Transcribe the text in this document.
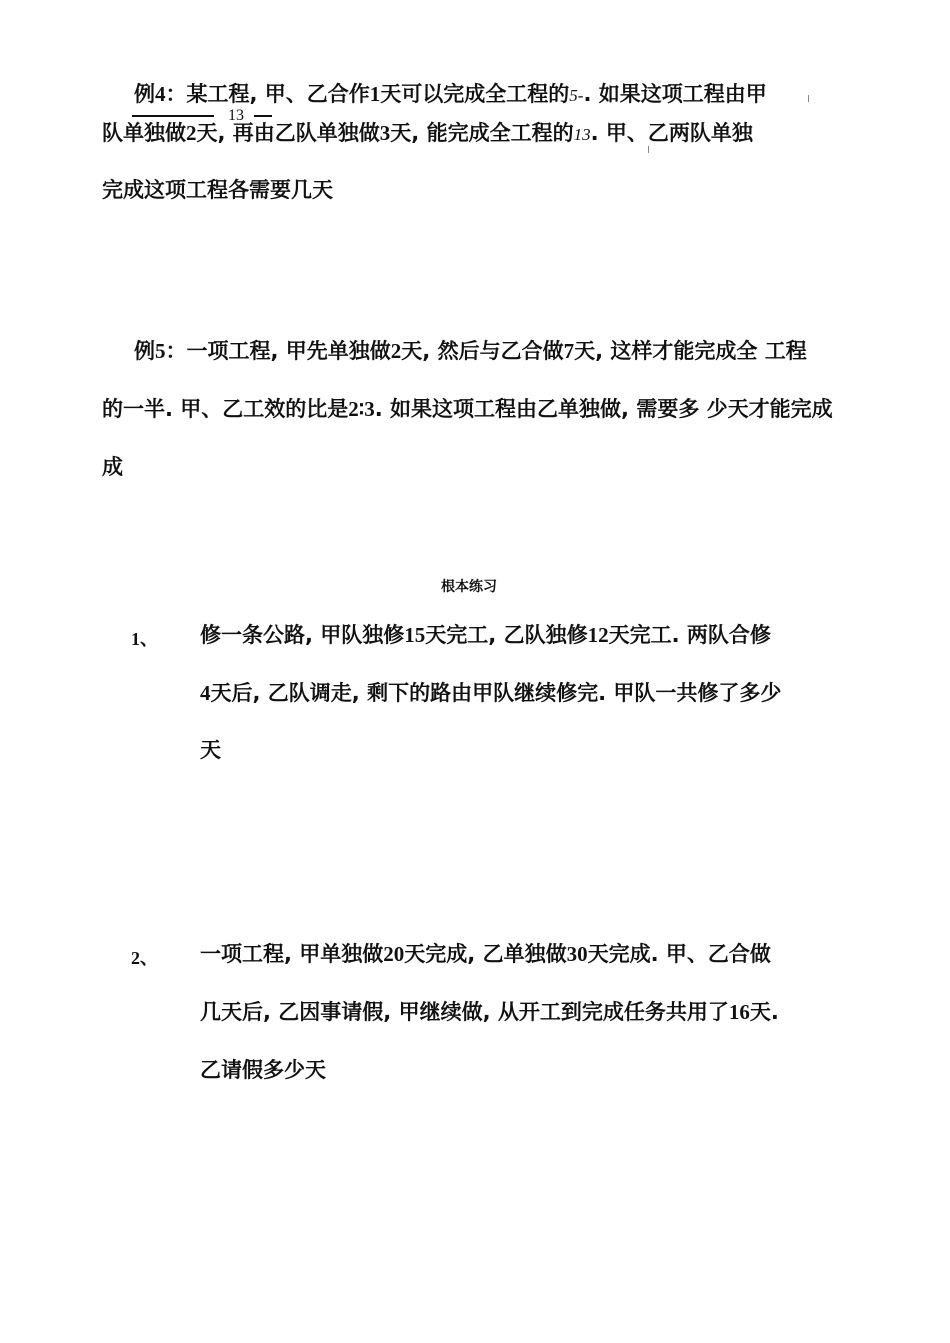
例4：某工程, 甲、乙合作1天可以完成全工程的5-. 如果这项工程由甲
13
队单独做2天, 再由乙队单独做3天, 能完成全工程的13. 甲、乙两队单独
完成这项工程各需要几天
例5：一项工程, 甲先单独做2天, 然后与乙合做7天, 这样才能完成全 工程
的一半. 甲、乙工效的比是2∶3. 如果这项工程由乙单独做, 需要多 少天才能完成
成
根本练习
1、 修一条公路, 甲队独修15天完工, 乙队独修12天完工. 两队合修
4天后, 乙队调走, 剩下的路由甲队继续修完. 甲队一共修了多少
天
2、 一项工程, 甲单独做20天完成, 乙单独做30天完成. 甲、乙合做
几天后, 乙因事请假, 甲继续做, 从开工到完成任务共用了16天.
乙请假多少天
